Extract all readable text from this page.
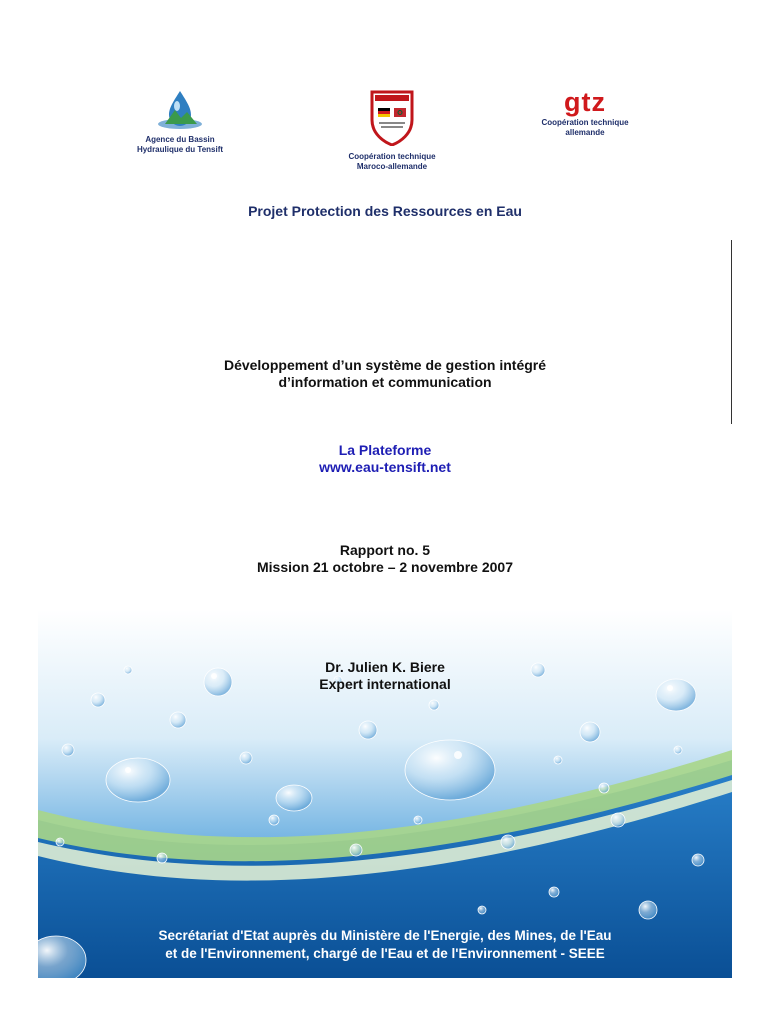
Agence du Bassin
Hydraulique du Tensift
Coopération technique
Maroco-allemande
gtz
Coopération technique
allemande
Projet Protection des Ressources en Eau
Développement d’un système de gestion intégré
d’information et communication
La Plateforme
www.eau-tensift.net
Rapport no. 5
Mission 21 octobre – 2 novembre 2007
Dr. Julien K. Biere
Expert international
Secrétariat d'Etat auprès du Ministère de l'Energie, des Mines, de l'Eau
et de l'Environnement, chargé de l'Eau et de l'Environnement - SEEE
